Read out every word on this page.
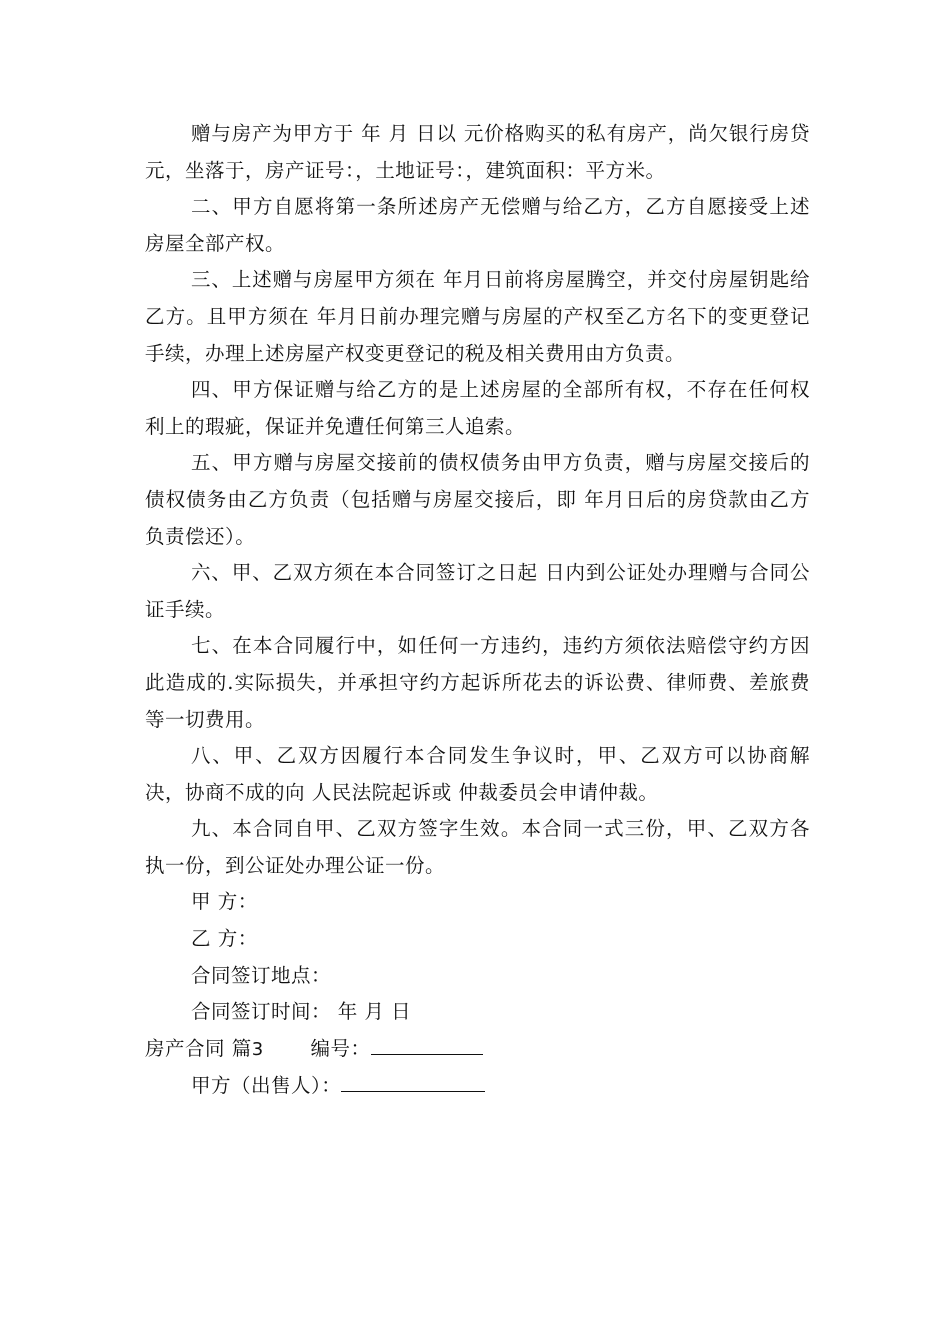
赠与房产为甲方于 年 月 日以 元价格购买的私有房产，尚欠银行房贷 元，坐落于，房产证号：，土地证号：，建筑面积：平方米。

二、甲方自愿将第一条所述房产无偿赠与给乙方，乙方自愿接受上述房屋全部产权。

三、上述赠与房屋甲方须在 年月日前将房屋腾空，并交付房屋钥匙给乙方。且甲方须在 年月日前办理完赠与房屋的产权至乙方名下的变更登记手续，办理上述房屋产权变更登记的税及相关费用由方负责。

四、甲方保证赠与给乙方的是上述房屋的全部所有权，不存在任何权利上的瑕疵，保证并免遭任何第三人追索。

五、甲方赠与房屋交接前的债权债务由甲方负责，赠与房屋交接后的债权债务由乙方负责（包括赠与房屋交接后，即 年月日后的房贷款由乙方负责偿还）。

六、甲、乙双方须在本合同签订之日起 日内到公证处办理赠与合同公证手续。

七、在本合同履行中，如任何一方违约，违约方须依法赔偿守约方因此造成的.实际损失，并承担守约方起诉所花去的诉讼费、律师费、差旅费等一切费用。

八、甲、乙双方因履行本合同发生争议时，甲、乙双方可以协商解决，协商不成的向 人民法院起诉或 仲裁委员会申请仲裁。

九、本合同自甲、乙双方签字生效。本合同一式三份，甲、乙双方各执一份，到公证处办理公证一份。

甲 方：

乙 方：

合同签订地点：

合同签订时间： 年 月 日

房产合同 篇3 编号：

甲方（出售人）：
